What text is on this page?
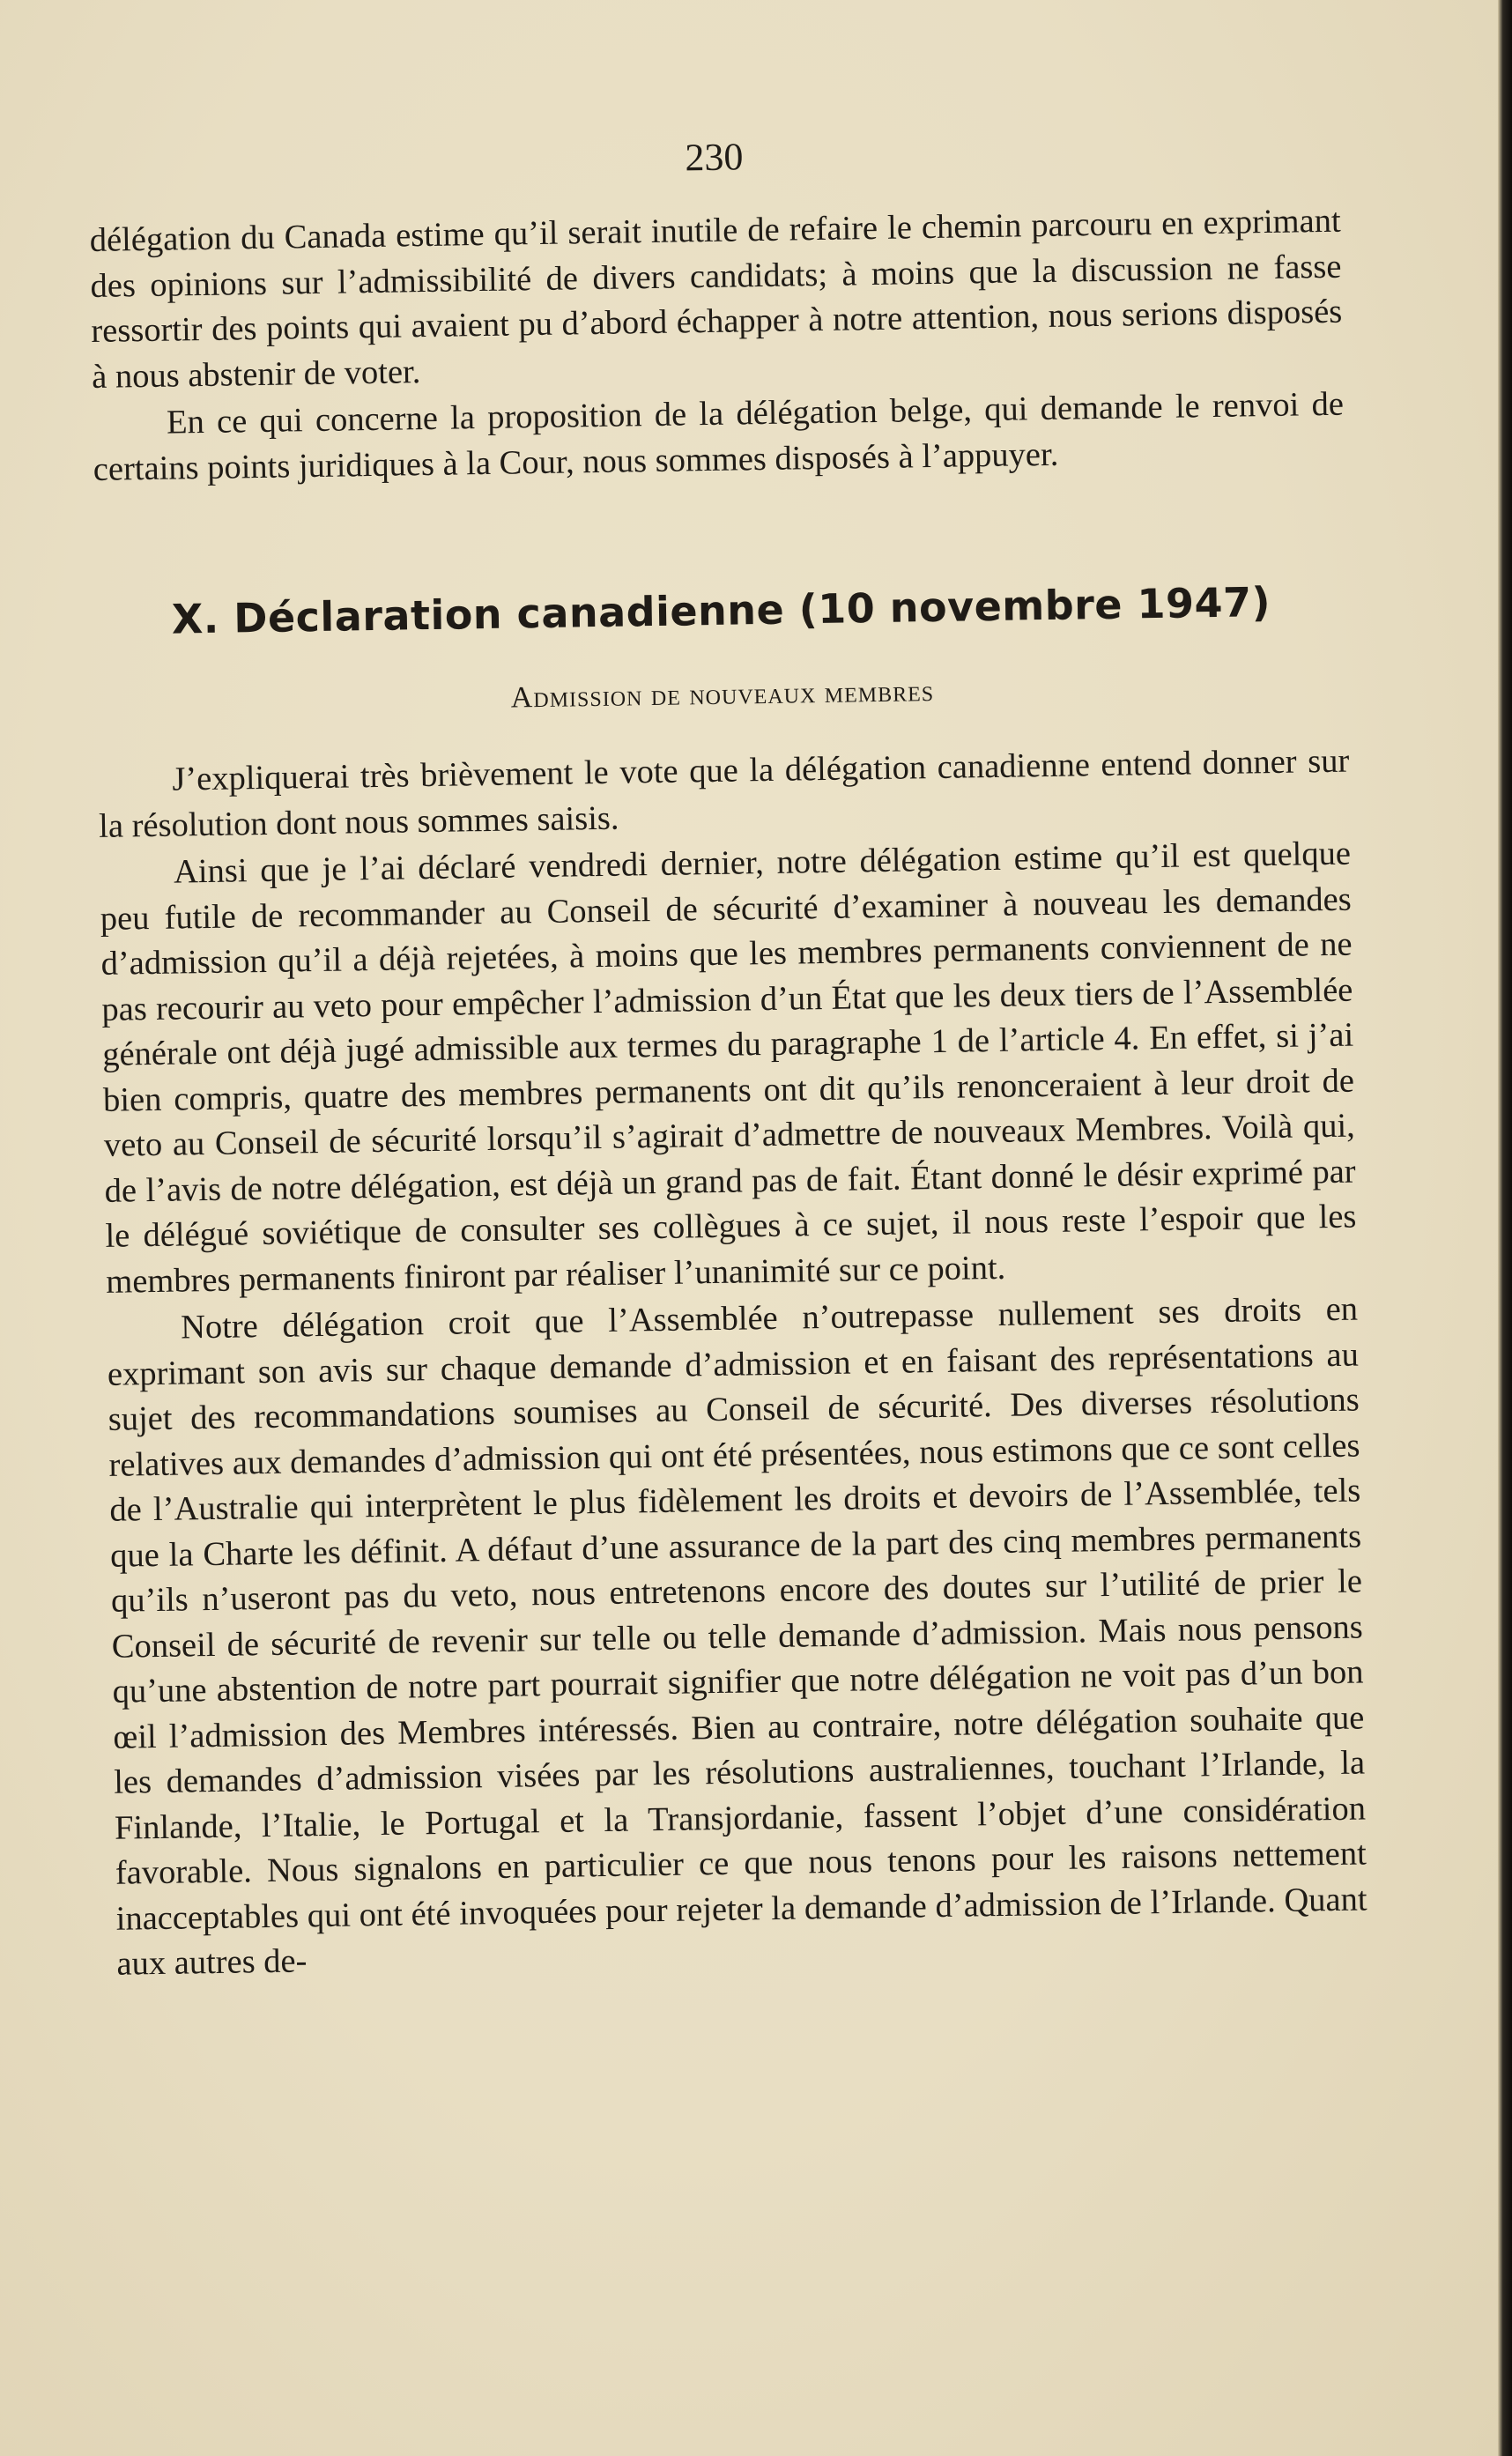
230

délégation du Canada estime qu’il serait inutile de refaire le chemin parcouru en exprimant des opinions sur l’admissibilité de divers candidats; à moins que la discussion ne fasse ressortir des points qui avaient pu d’abord échapper à notre attention, nous serions disposés à nous abstenir de voter.

En ce qui concerne la proposition de la délégation belge, qui demande le renvoi de certains points juridiques à la Cour, nous sommes disposés à l’appuyer.

X. Déclaration canadienne (10 novembre 1947)
Admission de nouveaux membres

J’expliquerai très brièvement le vote que la délégation canadienne entend donner sur la résolution dont nous sommes saisis.

Ainsi que je l’ai déclaré vendredi dernier, notre délégation estime qu’il est quelque peu futile de recommander au Conseil de sécurité d’examiner à nouveau les demandes d’admission qu’il a déjà rejetées, à moins que les membres permanents conviennent de ne pas recourir au veto pour empêcher l’admission d’un État que les deux tiers de l’Assemblée générale ont déjà jugé admissible aux termes du paragraphe 1 de l’article 4. En effet, si j’ai bien compris, quatre des membres permanents ont dit qu’ils renonceraient à leur droit de veto au Conseil de sécurité lorsqu’il s’agirait d’admettre de nouveaux Membres. Voilà qui, de l’avis de notre délégation, est déjà un grand pas de fait. Étant donné le désir exprimé par le délégué soviétique de consulter ses collègues à ce sujet, il nous reste l’espoir que les membres permanents finiront par réaliser l’unanimité sur ce point.

Notre délégation croit que l’Assemblée n’outrepasse nullement ses droits en exprimant son avis sur chaque demande d’admission et en faisant des représentations au sujet des recommandations soumises au Conseil de sécurité. Des diverses résolutions relatives aux demandes d’admission qui ont été présentées, nous estimons que ce sont celles de l’Australie qui interprètent le plus fidèlement les droits et devoirs de l’Assemblée, tels que la Charte les définit. A défaut d’une assurance de la part des cinq membres permanents qu’ils n’useront pas du veto, nous entretenons encore des doutes sur l’utilité de prier le Conseil de sécurité de revenir sur telle ou telle demande d’admission. Mais nous pensons qu’une abstention de notre part pourrait signifier que notre délégation ne voit pas d’un bon œil l’admission des Membres intéressés. Bien au contraire, notre délégation souhaite que les demandes d’admission visées par les résolutions australiennes, touchant l’Irlande, la Finlande, l’Italie, le Portugal et la Transjordanie, fassent l’objet d’une considération favorable. Nous signalons en particulier ce que nous tenons pour les raisons nettement inacceptables qui ont été invoquées pour rejeter la demande d’admission de l’Irlande. Quant aux autres de-
